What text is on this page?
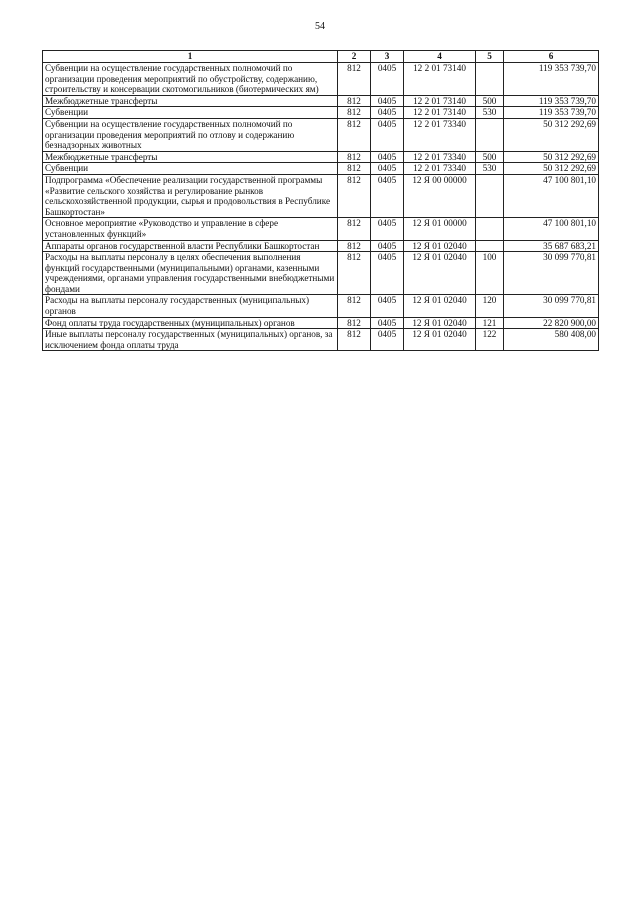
54
1	2	3	4	5	6
Субвенции на осуществление государственных полномочий по организации проведения мероприятий по обустройству, содержанию, строительству и консервации скотомогильников (биотермических ям)	812	0405	12 2 01 73140		119 353 739,70
Межбюджетные трансферты	812	0405	12 2 01 73140	500	119 353 739,70
Субвенции	812	0405	12 2 01 73140	530	119 353 739,70
Субвенции на осуществление государственных полномочий по организации проведения мероприятий по отлову и содержанию безнадзорных животных	812	0405	12 2 01 73340		50 312 292,69
Межбюджетные трансферты	812	0405	12 2 01 73340	500	50 312 292,69
Субвенции	812	0405	12 2 01 73340	530	50 312 292,69
Подпрограмма «Обеспечение реализации государственной программы «Развитие сельского хозяйства и регулирование рынков сельскохозяйственной продукции, сырья и продовольствия в Республике Башкортостан»	812	0405	12 Я 00 00000		47 100 801,10
Основное мероприятие «Руководство и управление в сфере установленных функций»	812	0405	12 Я 01 00000		47 100 801,10
Аппараты органов государственной власти Республики Башкортостан	812	0405	12 Я 01 02040		35 687 683,21
Расходы на выплаты персоналу в целях обеспечения выполнения функций государственными (муниципальными) органами, казенными учреждениями, органами управления государственными внебюджетными фондами	812	0405	12 Я 01 02040	100	30 099 770,81
Расходы на выплаты персоналу государственных (муниципальных) органов	812	0405	12 Я 01 02040	120	30 099 770,81
Фонд оплаты труда государственных (муниципальных) органов	812	0405	12 Я 01 02040	121	22 820 900,00
Иные выплаты персоналу государственных (муниципальных) органов, за исключением фонда оплаты труда	812	0405	12 Я 01 02040	122	580 408,00
